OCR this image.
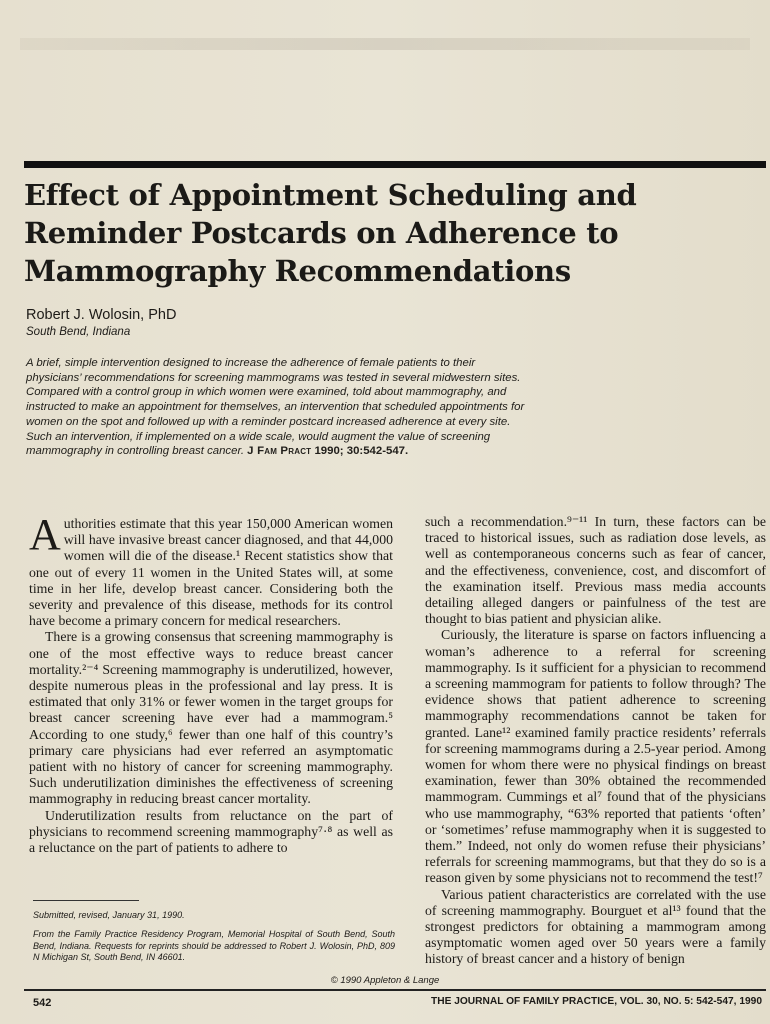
Effect of Appointment Scheduling and Reminder Postcards on Adherence to Mammography Recommendations
Robert J. Wolosin, PhD
South Bend, Indiana
A brief, simple intervention designed to increase the adherence of female patients to their physicians’ recommendations for screening mammograms was tested in several midwestern sites. Compared with a control group in which women were examined, told about mammography, and instructed to make an appointment for themselves, an intervention that scheduled appointments for women on the spot and followed up with a reminder postcard increased adherence at every site. Such an intervention, if implemented on a wide scale, would augment the value of screening mammography in controlling breast cancer. J Fam Pract 1990; 30:542-547.

Authorities estimate that this year 150,000 American women will have invasive breast cancer diagnosed, and that 44,000 women will die of the disease.¹ Recent statistics show that one out of every 11 women in the United States will, at some time in her life, develop breast cancer. Considering both the severity and prevalence of this disease, methods for its control have become a primary concern for medical researchers.

There is a growing consensus that screening mammography is one of the most effective ways to reduce breast cancer mortality.²⁻⁴ Screening mammography is underutilized, however, despite numerous pleas in the professional and lay press. It is estimated that only 31% or fewer women in the target groups for breast cancer screening have ever had a mammogram.⁵ According to one study,⁶ fewer than one half of this country’s primary care physicians had ever referred an asymptomatic patient with no history of cancer for screening mammography. Such underutilization diminishes the effectiveness of screening mammography in reducing breast cancer mortality.

Underutilization results from reluctance on the part of physicians to recommend screening mammography⁷·⁸ as well as a reluctance on the part of patients to adhere to

such a recommendation.⁹⁻¹¹ In turn, these factors can be traced to historical issues, such as radiation dose levels, as well as contemporaneous concerns such as fear of cancer, and the effectiveness, convenience, cost, and discomfort of the examination itself. Previous mass media accounts detailing alleged dangers or painfulness of the test are thought to bias patient and physician alike.

Curiously, the literature is sparse on factors influencing a woman’s adherence to a referral for screening mammography. Is it sufficient for a physician to recommend a screening mammogram for patients to follow through? The evidence shows that patient adherence to screening mammography recommendations cannot be taken for granted. Lane¹² examined family practice residents’ referrals for screening mammograms during a 2.5-year period. Among women for whom there were no physical findings on breast examination, fewer than 30% obtained the recommended mammogram. Cummings et al⁷ found that of the physicians who use mammography, “63% reported that patients ‘often’ or ‘sometimes’ refuse mammography when it is suggested to them.” Indeed, not only do women refuse their physicians’ referrals for screening mammograms, but that they do so is a reason given by some physicians not to recommend the test!⁷

Various patient characteristics are correlated with the use of screening mammography. Bourguet et al¹³ found that the strongest predictors for obtaining a mammogram among asymptomatic women aged over 50 years were a family history of breast cancer and a history of benign

Submitted, revised, January 31, 1990.
From the Family Practice Residency Program, Memorial Hospital of South Bend, South Bend, Indiana. Requests for reprints should be addressed to Robert J. Wolosin, PhD, 809 N Michigan St, South Bend, IN 46601.
© 1990 Appleton & Lange
542	THE JOURNAL OF FAMILY PRACTICE, VOL. 30, NO. 5: 542-547, 1990
